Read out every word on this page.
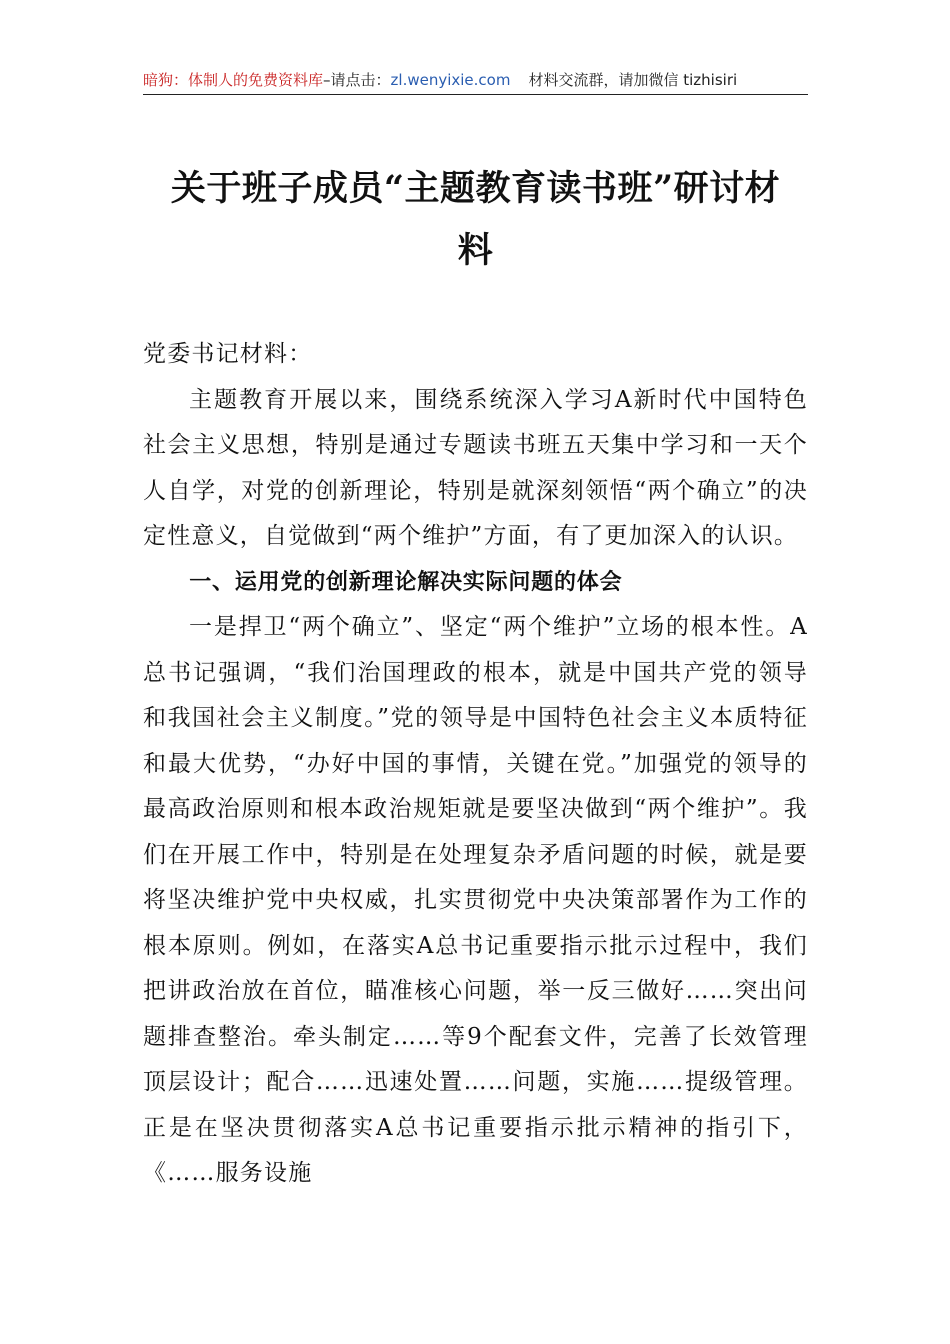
暗狗：体制人的免费资料库 –请点击： zl.wenyixie.com 材料交流群，请加微信 tizhisiri
关于班子成员“主题教育读书班”研讨材
料

党委书记材料：

主题教育开展以来，围绕系统深入学习A新时代中国特色社会主义思想，特别是通过专题读书班五天集中学习和一天个人自学，对党的创新理论，特别是就深刻领悟“两个确立”的决定性意义，自觉做到“两个维护”方面，有了更加深入的认识。

一、运用党的创新理论解决实际问题的体会

一是捍卫“两个确立”、坚定“两个维护”立场的根本性。A总书记强调，“我们治国理政的根本，就是中国共产党的领导和我国社会主义制度。”党的领导是中国特色社会主义本质特征和最大优势，“办好中国的事情，关键在党。”加强党的领导的最高政治原则和根本政治规矩就是要坚决做到“两个维护”。我们在开展工作中，特别是在处理复杂矛盾问题的时候，就是要将坚决维护党中央权威，扎实贯彻党中央决策部署作为工作的根本原则。例如，在落实A总书记重要指示批示过程中，我们把讲政治放在首位，瞄准核心问题，举一反三做好……突出问题排查整治。牵头制定……等9个配套文件，完善了长效管理顶层设计；配合……迅速处置……问题，实施……提级管理。正是在坚决贯彻落实A总书记重要指示批示精神的指引下，《……服务设施
